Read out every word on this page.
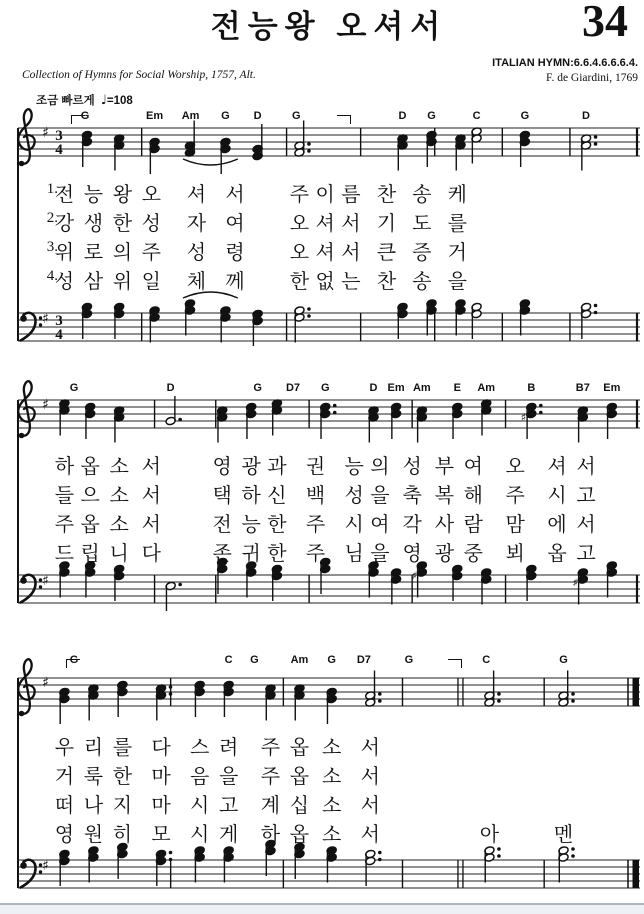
전능왕 오셔서	34
Collection of Hymns for Social Worship, 1757, Alt.
ITALIAN HYMN:6.6.4.6.6.6.4.
F. de Giardini, 1769
조금 빠르게 ♩=108
G	Em Am G D	G	D G	C	G	D
♯ 3
4
♯ 3
4
1.
전 능 왕 오 셔 서 주 이 름 찬 송 케
2.
강 생 한 성 자 여 오 셔 서 기 도 를
3.
위 로 의 주 성 령 오 셔 서 큰 증 거
4.
성 삼 위 일 체 께 한 없 는 찬 송 을
G	D	G D7 G	D Em Am E Am	B	B7 Em
♯
♯
♯	♯
♯
하 옵 소 서	영 광 과 권 능 의 성 부 여 오 셔 서
들 으 소 서	택 하 신 백 성 을 축 복 해 주 시 고
주 옵 소 서	전 능 한 주 시 여 각 사 람 맘 에 서
드 립 니 다	존 귀 한 주 님 을 영 광 중 뵈 옵 고
G	C G	Am G D7	G	C	G
♯
♯
우 리 를 다 스 려 주 옵 소 서
거 룩 한 마 음 을 주 옵 소 서
떠 나 지 마 시 고 계 십 소 서
영 원 히 모 시 게 하 옵 소 서	아	멘
